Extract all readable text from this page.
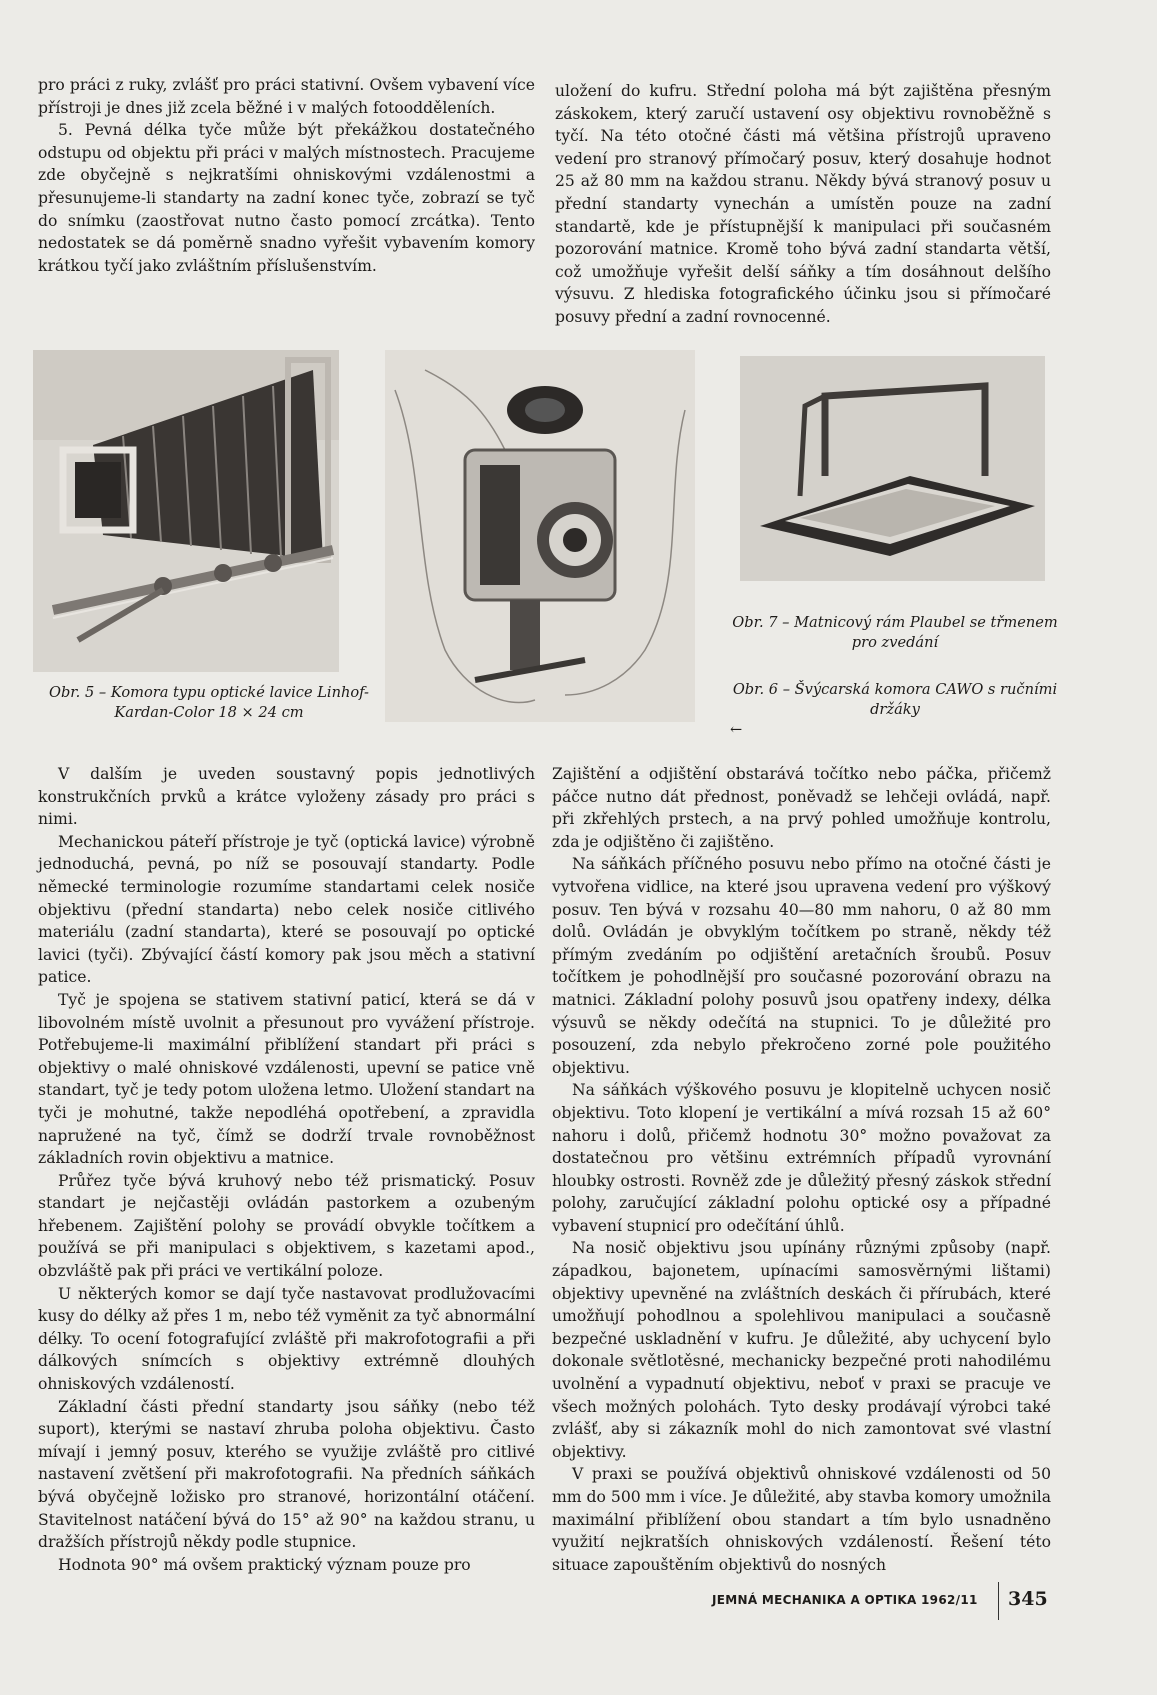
pro práci z ruky, zvlášť pro práci stativní. Ovšem vybavení více přístroji je dnes již zcela běžné i v malých fotoodděleních.

5. Pevná délka tyče může být překážkou dostatečného odstupu od objektu při práci v malých místnostech. Pracujeme zde obyčejně s nejkratšími ohniskovými vzdálenostmi a přesunujeme-li standarty na zadní konec tyče, zobrazí se tyč do snímku (zaostřovat nutno často pomocí zrcátka). Tento nedostatek se dá poměrně snadno vyřešit vybavením komory krátkou tyčí jako zvláštním příslušenstvím.

uložení do kufru. Střední poloha má být zajištěna přesným záskokem, který zaručí ustavení osy objektivu rovnoběžně s tyčí. Na této otočné části má většina přístrojů upraveno vedení pro stranový přímočarý posuv, který dosahuje hodnot 25 až 80 mm na každou stranu. Někdy bývá stranový posuv u přední standarty vynechán a umístěn pouze na zadní standartě, kde je přístupnější k manipulaci při současném pozorování matnice. Kromě toho bývá zadní standarta větší, což umožňuje vyřešit delší sáňky a tím dosáhnout delšího výsuvu. Z hlediska fotografického účinku jsou si přímočaré posuvy přední a zadní rovnocenné.

Obr. 5 – Komora typu optické lavice Linhof-Kardan-Color 18 × 24 cm
Obr. 7 – Matnicový rám Plaubel se třmenem pro zvedání
Obr. 6 – Švýcarská komora CAWO s ručními držáky
←

V dalším je uveden soustavný popis jednotlivých konstrukčních prvků a krátce vyloženy zásady pro práci s nimi.

Mechanickou páteří přístroje je tyč (optická lavice) výrobně jednoduchá, pevná, po níž se posouvají standarty. Podle německé terminologie rozumíme standartami celek nosiče objektivu (přední standarta) nebo celek nosiče citlivého materiálu (zadní standarta), které se posouvají po optické lavici (tyči). Zbývající částí komory pak jsou měch a stativní patice.

Tyč je spojena se stativem stativní paticí, která se dá v libovolném místě uvolnit a přesunout pro vyvážení přístroje. Potřebujeme-li maximální přiblížení standart při práci s objektivy o malé ohniskové vzdálenosti, upevní se patice vně standart, tyč je tedy potom uložena letmo. Uložení standart na tyči je mohutné, takže nepodléhá opotřebení, a zpravidla napružené na tyč, čímž se dodrží trvale rovnoběžnost základních rovin objektivu a matnice.

Průřez tyče bývá kruhový nebo též prismatický. Posuv standart je nejčastěji ovládán pastorkem a ozubeným hřebenem. Zajištění polohy se provádí obvykle točítkem a používá se při manipulaci s objektivem, s kazetami apod., obzvláště pak při práci ve vertikální poloze.

U některých komor se dají tyče nastavovat prodlužovacími kusy do délky až přes 1 m, nebo též vyměnit za tyč abnormální délky. To ocení fotografující zvláště při makrofotografii a při dálkových snímcích s objektivy extrémně dlouhých ohniskových vzdáleností.

Základní části přední standarty jsou sáňky (nebo též suport), kterými se nastaví zhruba poloha objektivu. Často mívají i jemný posuv, kterého se využije zvláště pro citlivé nastavení zvětšení při makrofotografii. Na předních sáňkách bývá obyčejně ložisko pro stranové, horizontální otáčení. Stavitelnost natáčení bývá do 15° až 90° na každou stranu, u dražších přístrojů někdy podle stupnice.

Hodnota 90° má ovšem praktický význam pouze pro

Zajištění a odjištění obstarává točítko nebo páčka, přičemž páčce nutno dát přednost, poněvadž se lehčeji ovládá, např. při zkřehlých prstech, a na prvý pohled umožňuje kontrolu, zda je odjištěno či zajištěno.

Na sáňkách příčného posuvu nebo přímo na otočné části je vytvořena vidlice, na které jsou upravena vedení pro výškový posuv. Ten bývá v rozsahu 40—80 mm nahoru, 0 až 80 mm dolů. Ovládán je obvyklým točítkem po straně, někdy též přímým zvedáním po odjištění aretačních šroubů. Posuv točítkem je pohodlnější pro současné pozorování obrazu na matnici. Základní polohy posuvů jsou opatřeny indexy, délka výsuvů se někdy odečítá na stupnici. To je důležité pro posouzení, zda nebylo překročeno zorné pole použitého objektivu.

Na sáňkách výškového posuvu je klopitelně uchycen nosič objektivu. Toto klopení je vertikální a mívá rozsah 15 až 60° nahoru i dolů, přičemž hodnotu 30° možno považovat za dostatečnou pro většinu extrémních případů vyrovnání hloubky ostrosti. Rovněž zde je důležitý přesný záskok střední polohy, zaručující základní polohu optické osy a případné vybavení stupnicí pro odečítání úhlů.

Na nosič objektivu jsou upínány různými způsoby (např. západkou, bajonetem, upínacími samosvěrnými lištami) objektivy upevněné na zvláštních deskách či přírubách, které umožňují pohodlnou a spolehlivou manipulaci a současně bezpečné uskladnění v kufru. Je důležité, aby uchycení bylo dokonale světlotěsné, mechanicky bezpečné proti nahodilému uvolnění a vypadnutí objektivu, neboť v praxi se pracuje ve všech možných polohách. Tyto desky prodávají výrobci také zvlášť, aby si zákazník mohl do nich zamontovat své vlastní objektivy.

V praxi se používá objektivů ohniskové vzdálenosti od 50 mm do 500 mm i více. Je důležité, aby stavba komory umožnila maximální přiblížení obou standart a tím bylo usnadněno využití nejkratších ohniskových vzdáleností. Řešení této situace zapouštěním objektivů do nosných

JEMNÁ MECHANIKA A OPTIKA 1962/11 345
